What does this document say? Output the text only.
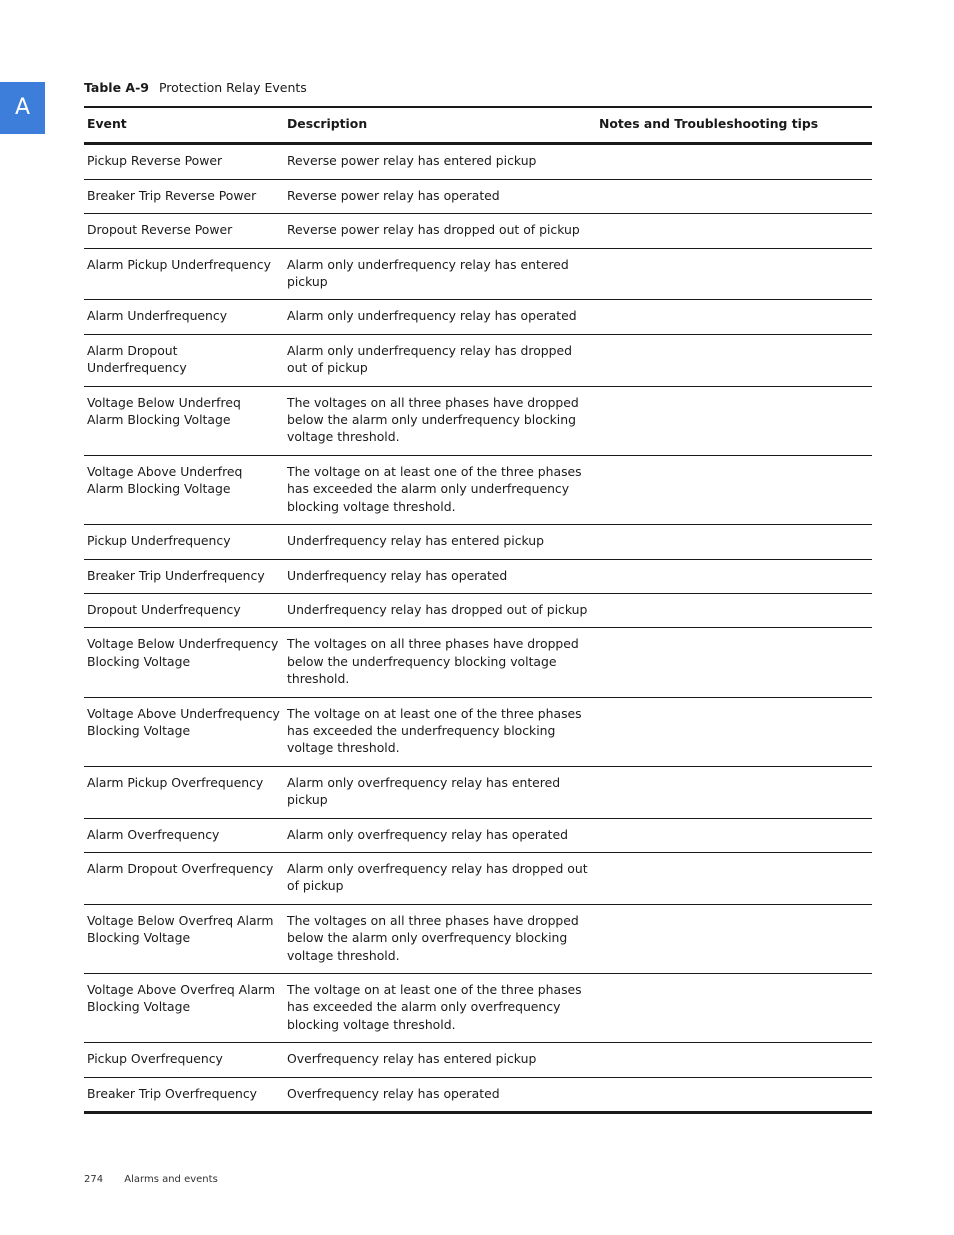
A
Table A-9 Protection Relay Events
Event	Description	Notes and Troubleshooting tips
Pickup Reverse Power	Reverse power relay has entered pickup	
Breaker Trip Reverse Power	Reverse power relay has operated	
Dropout Reverse Power	Reverse power relay has dropped out of pickup	
Alarm Pickup Underfrequency	Alarm only underfrequency relay has entered pickup	
Alarm Underfrequency	Alarm only underfrequency relay has operated	
Alarm Dropout Underfrequency	Alarm only underfrequency relay has dropped out of pickup	
Voltage Below Underfreq Alarm Blocking Voltage	The voltages on all three phases have dropped below the alarm only underfrequency blocking voltage threshold.	
Voltage Above Underfreq Alarm Blocking Voltage	The voltage on at least one of the three phases has exceeded the alarm only underfrequency blocking voltage threshold.	
Pickup Underfrequency	Underfrequency relay has entered pickup	
Breaker Trip Underfrequency	Underfrequency relay has operated	
Dropout Underfrequency	Underfrequency relay has dropped out of pickup	
Voltage Below Underfrequency Blocking Voltage	The voltages on all three phases have dropped below the underfrequency blocking voltage threshold.	
Voltage Above Underfrequency Blocking Voltage	The voltage on at least one of the three phases has exceeded the underfrequency blocking voltage threshold.	
Alarm Pickup Overfrequency	Alarm only overfrequency relay has entered pickup	
Alarm Overfrequency	Alarm only overfrequency relay has operated	
Alarm Dropout Overfrequency	Alarm only overfrequency relay has dropped out of pickup	
Voltage Below Overfreq Alarm Blocking Voltage	The voltages on all three phases have dropped below the alarm only overfrequency blocking voltage threshold.	
Voltage Above Overfreq Alarm Blocking Voltage	The voltage on at least one of the three phases has exceeded the alarm only overfrequency blocking voltage threshold.	
Pickup Overfrequency	Overfrequency relay has entered pickup	
Breaker Trip Overfrequency	Overfrequency relay has operated	
274 Alarms and events
